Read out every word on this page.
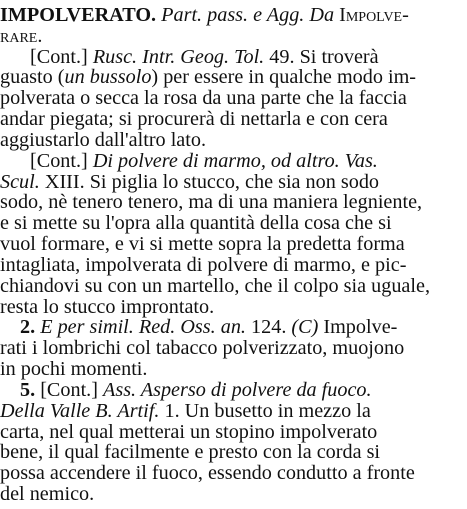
IMPOLVERATO. Part. pass. e Agg. Da Impolve-
rare.
[Cont.] Rusc. Intr. Geog. Tol. 49. Si troverà
guasto (un bussolo) per essere in qualche modo im-
polverata o secca la rosa da una parte che la faccia
andar piegata; si procurerà di nettarla e con cera
aggiustarlo dall'altro lato.
[Cont.] Di polvere di marmo, od altro. Vas.
Scul. XIII. Si piglia lo stucco, che sia non sodo
sodo, nè tenero tenero, ma di una maniera legniente,
e si mette su l'opra alla quantità della cosa che si
vuol formare, e vi si mette sopra la predetta forma
intagliata, impolverata di polvere di marmo, e pic-
chiandovi su con un martello, che il colpo sia uguale,
resta lo stucco improntato.
2. E per simil. Red. Oss. an. 124. (C) Impolve-
rati i lombrichi col tabacco polverizzato, muojono
in pochi momenti.
5. [Cont.] Ass. Asperso di polvere da fuoco.
Della Valle B. Artif. 1. Un busetto in mezzo la
carta, nel qual metterai un stopino impolverato
bene, il qual facilmente e presto con la corda si
possa accendere il fuoco, essendo condutto a fronte
del nemico.
